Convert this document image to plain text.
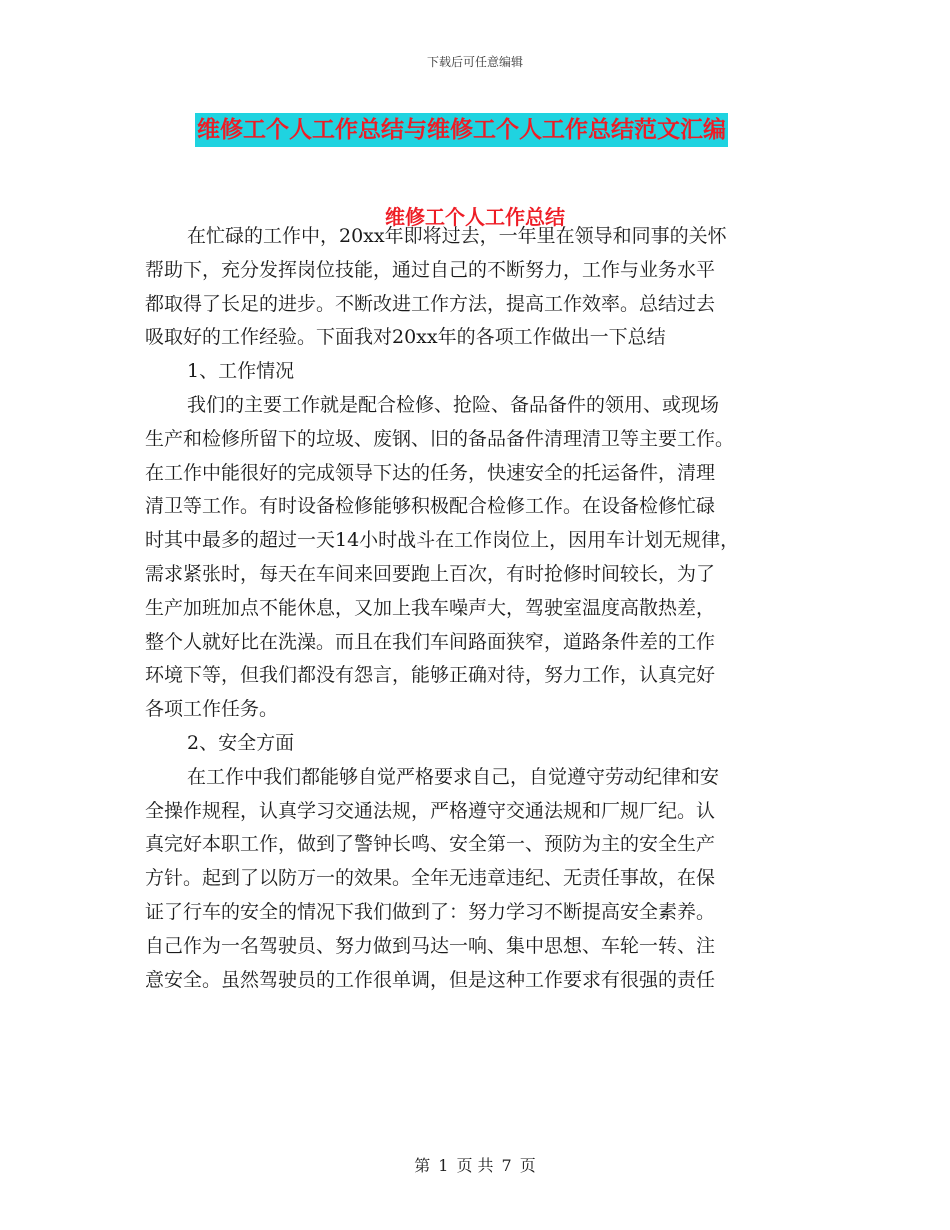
下载后可任意编辑
维修工个人工作总结与维修工个人工作总结范文汇编
维修工个人工作总结
在忙碌的工作中，20xx年即将过去，一年里在领导和同事的关怀
帮助下，充分发挥岗位技能，通过自己的不断努力，工作与业务水平
都取得了长足的进步。不断改进工作方法，提高工作效率。总结过去
吸取好的工作经验。下面我对20xx年的各项工作做出一下总结
1、工作情况
我们的主要工作就是配合检修、抢险、备品备件的领用、或现场
生产和检修所留下的垃圾、废钢、旧的备品备件清理清卫等主要工作。
在工作中能很好的完成领导下达的任务，快速安全的托运备件，清理
清卫等工作。有时设备检修能够积极配合检修工作。在设备检修忙碌
时其中最多的超过一天14小时战斗在工作岗位上，因用车计划无规律，
需求紧张时，每天在车间来回要跑上百次，有时抢修时间较长，为了
生产加班加点不能休息，又加上我车噪声大，驾驶室温度高散热差，
整个人就好比在洗澡。而且在我们车间路面狭窄，道路条件差的工作
环境下等，但我们都没有怨言，能够正确对待，努力工作，认真完好
各项工作任务。
2、安全方面
在工作中我们都能够自觉严格要求自己，自觉遵守劳动纪律和安
全操作规程，认真学习交通法规，严格遵守交通法规和厂规厂纪。认
真完好本职工作，做到了警钟长鸣、安全第一、预防为主的安全生产
方针。起到了以防万一的效果。全年无违章违纪、无责任事故，在保
证了行车的安全的情况下我们做到了：努力学习不断提高安全素养。
自己作为一名驾驶员、努力做到马达一响、集中思想、车轮一转、注
意安全。虽然驾驶员的工作很单调，但是这种工作要求有很强的责任
第 1 页 共 7 页
